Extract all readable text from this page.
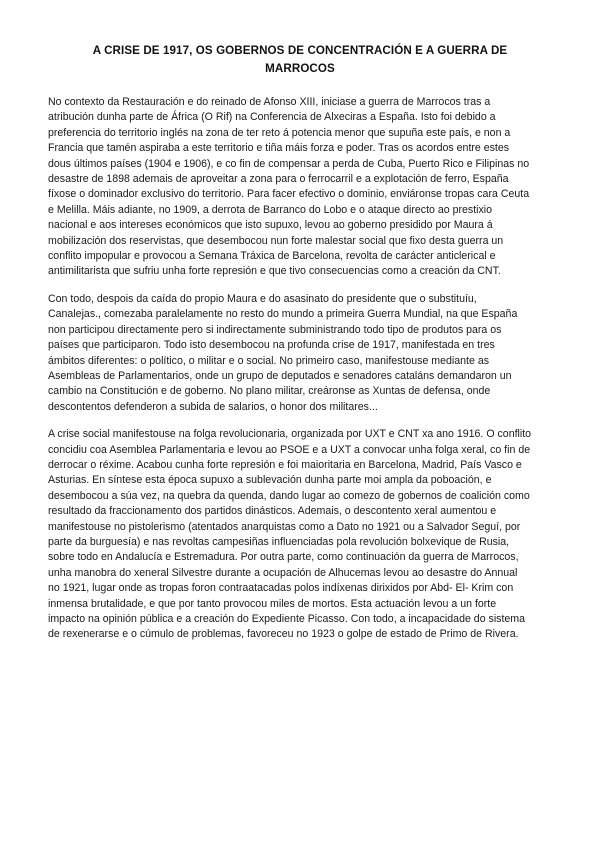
A CRISE DE 1917, OS GOBERNOS DE CONCENTRACIÓN E A GUERRA DE MARROCOS

No contexto da Restauración e do reinado de Afonso XIII, iniciase a guerra de Marrocos tras a atribución dunha parte de África (O Rif) na Conferencia de Alxeciras a España. Isto foi debido a preferencia do territorio inglés na zona de ter reto á potencia menor que supuña este país, e non a Francia que tamén aspiraba a este territorio e tiña máis forza e poder. Tras os acordos entre estes dous últimos países (1904 e 1906), e co fin de compensar a perda de Cuba, Puerto Rico e Filipinas no desastre de 1898 ademais de aproveitar a zona para o ferrocarril e a explotación de ferro, España fíxose o dominador exclusivo do territorio. Para facer efectivo o dominio, enviáronse tropas cara Ceuta e Melilla. Máis adiante, no 1909, a derrota de Barranco do Lobo e o ataque directo ao prestixio nacional e aos intereses económicos que isto supuxo, levou ao goberno presidido por Maura á mobilización dos reservistas, que desembocou nun forte malestar social que fixo desta guerra un conflito impopular e provocou a Semana Tráxica de Barcelona, revolta de carácter anticlerical e antimilitarista que sufriu unha forte represión e que tivo consecuencias como a creación da CNT.

Con todo, despois da caída do propio Maura e do asasinato do presidente que o substituíu, Canalejas., comezaba paralelamente no resto do mundo a primeira Guerra Mundial, na que España non participou directamente pero si indirectamente subministrando todo tipo de produtos para os países que participaron. Todo isto desembocou na profunda crise de 1917, manifestada en tres ámbitos diferentes: o político, o militar e o social. No primeiro caso, manifestouse mediante as Asembleas de Parlamentarios, onde un grupo de deputados e senadores cataláns demandaron un cambio na Constitución e de goberno. No plano militar, creáronse as Xuntas de defensa, onde descontentos defenderon a subida de salarios, o honor dos militares...

A crise social manifestouse na folga revolucionaria, organizada por UXT e CNT xa ano 1916. O conflito concidiu coa Asemblea Parlamentaria e levou ao PSOE e a UXT a convocar unha folga xeral, co fin de derrocar o réxime. Acabou cunha forte represión e foi maioritaria en Barcelona, Madrid, País Vasco e Asturias. En síntese esta época supuxo a sublevación dunha parte moi ampla da poboación, e desembocou a súa vez, na quebra da quenda, dando lugar ao comezo de gobernos de coalición como resultado da fraccionamento dos partidos dinásticos. Ademais, o descontento xeral aumentou e manifestouse no pistolerismo (atentados anarquistas como a Dato no 1921 ou a Salvador Seguí, por parte da burguesía) e nas revoltas campesiñas influenciadas pola revolución bolxevique de Rusia, sobre todo en Andalucía e Estremadura. Por outra parte, como continuación da guerra de Marrocos, unha manobra do xeneral Silvestre durante a ocupación de Alhucemas levou ao desastre do Annual no 1921, lugar onde as tropas foron contraatacadas polos indíxenas dirixidos por Abd- El- Krim con inmensa brutalidade, e que por tanto provocou miles de mortos. Esta actuación levou a un forte impacto na opinión pública e a creación do Expediente Picasso. Con todo, a incapacidade do sistema de rexenerarse e o cúmulo de problemas, favoreceu no 1923 o golpe de estado de Primo de Rivera.
